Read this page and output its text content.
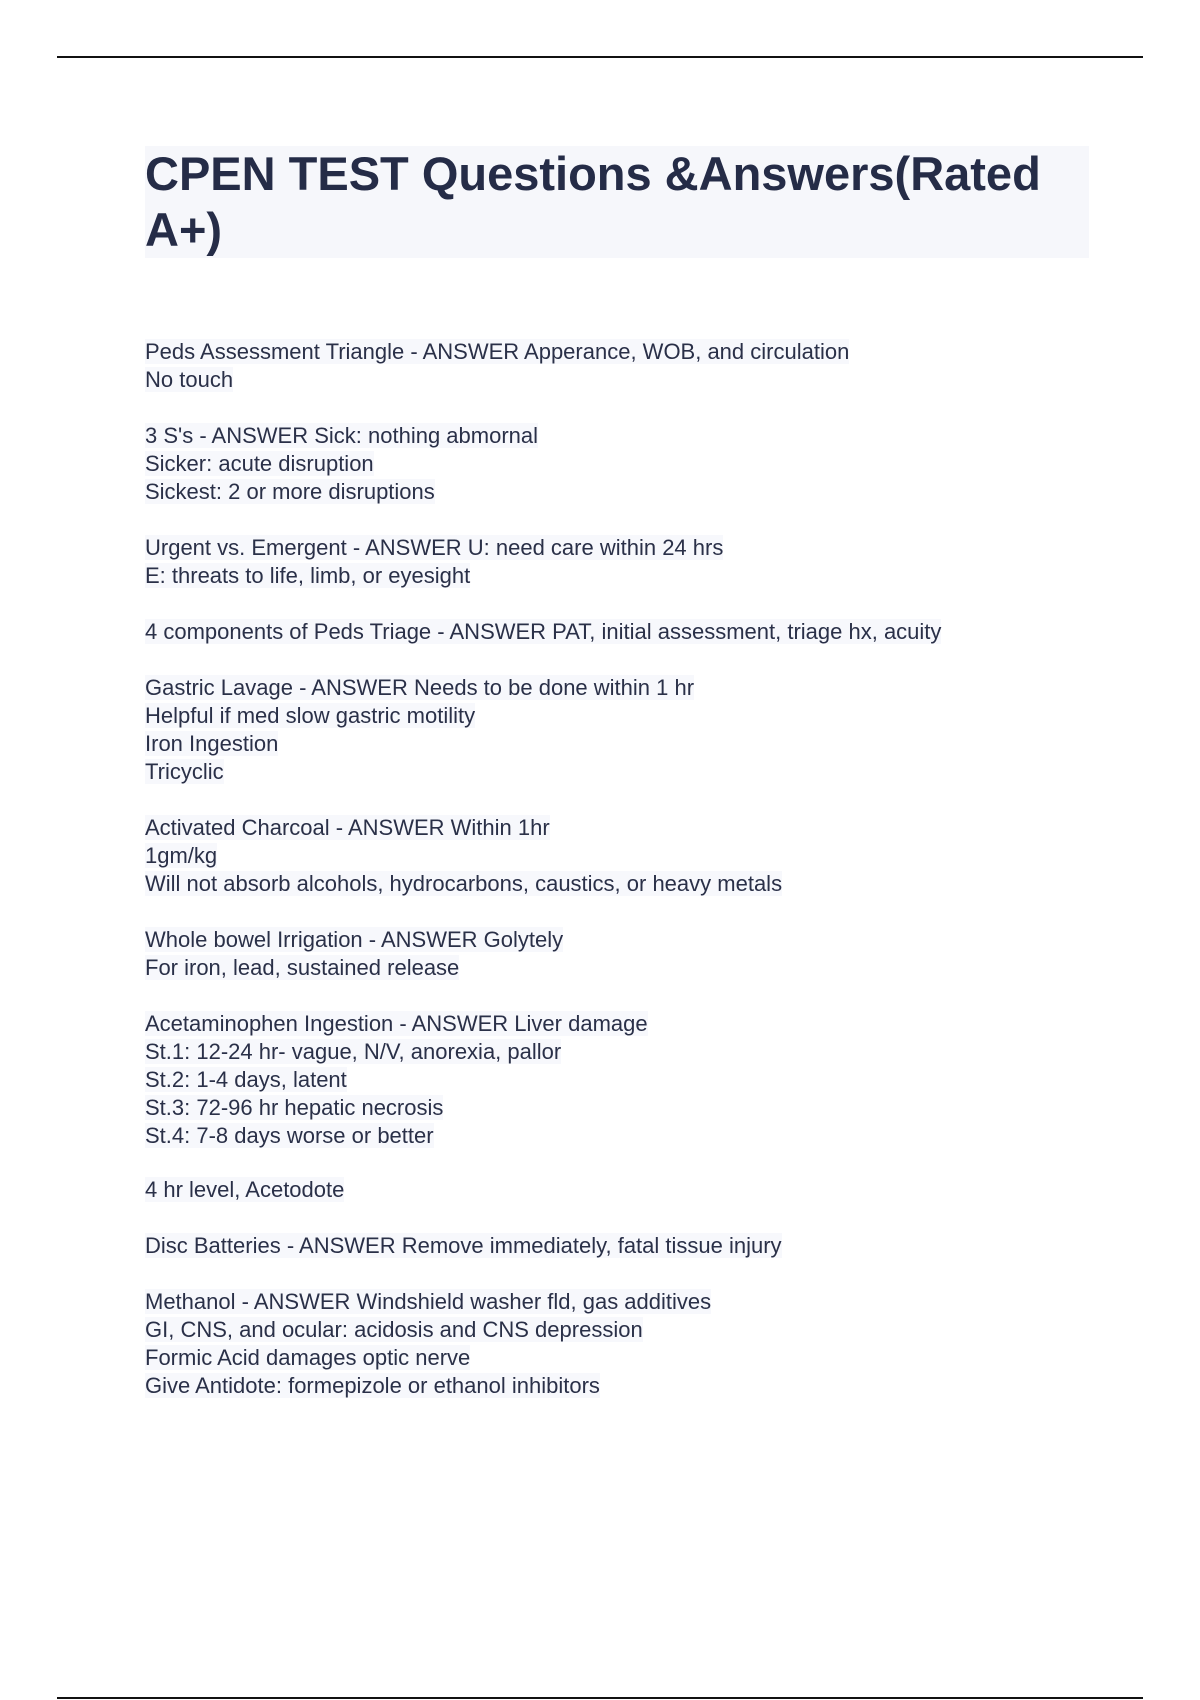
CPEN TEST Questions &Answers(Rated A+)
Peds Assessment Triangle - ANSWER Apperance, WOB, and circulation
No touch
3 S's - ANSWER Sick: nothing abmornal
Sicker: acute disruption
Sickest: 2 or more disruptions
Urgent vs. Emergent - ANSWER U: need care within 24 hrs
E: threats to life, limb, or eyesight
4 components of Peds Triage - ANSWER PAT, initial assessment, triage hx, acuity
Gastric Lavage - ANSWER Needs to be done within 1 hr
Helpful if med slow gastric motility
Iron Ingestion
Tricyclic
Activated Charcoal - ANSWER Within 1hr
1gm/kg
Will not absorb alcohols, hydrocarbons, caustics, or heavy metals
Whole bowel Irrigation - ANSWER Golytely
For iron, lead, sustained release
Acetaminophen Ingestion - ANSWER Liver damage
St.1: 12-24 hr- vague, N/V, anorexia, pallor
St.2: 1-4 days, latent
St.3: 72-96 hr hepatic necrosis
St.4: 7-8 days worse or better
4 hr level, Acetodote
Disc Batteries - ANSWER Remove immediately, fatal tissue injury
Methanol - ANSWER Windshield washer fld, gas additives
GI, CNS, and ocular: acidosis and CNS depression
Formic Acid damages optic nerve
Give Antidote: formepizole or ethanol inhibitors
